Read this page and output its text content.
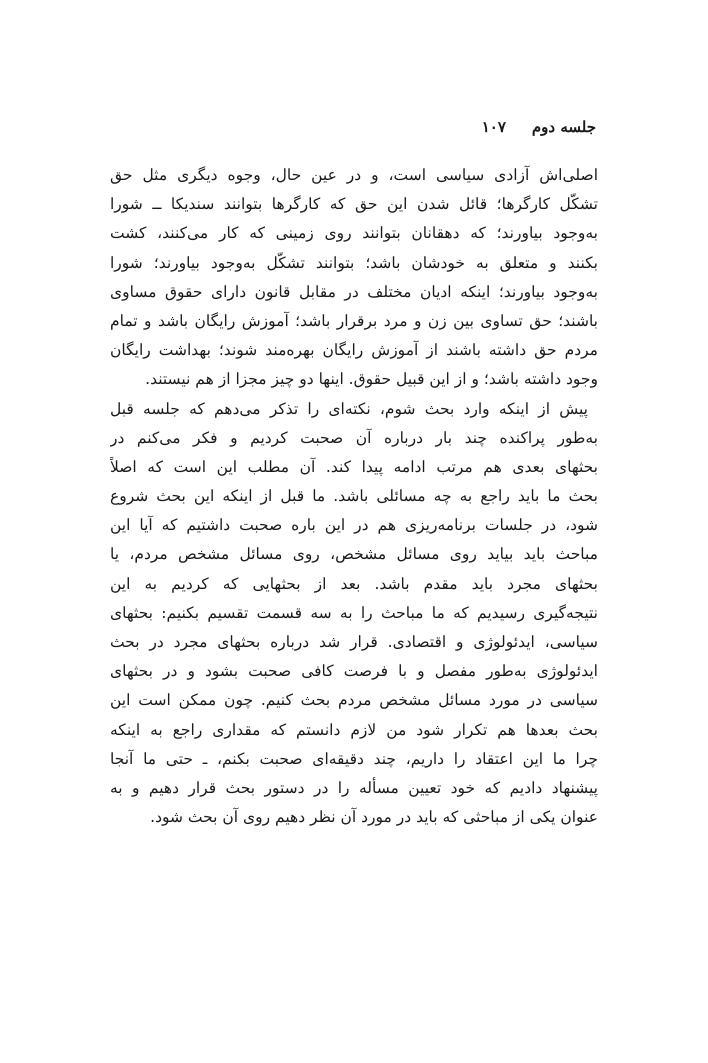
جلسه دوم
۱۰۷
اصلی‌اش آزادی سیاسی است، و در عین حال، وجوه دیگری مثل حق
تشکّل کارگرها؛ قائل شدن این حق که کارگرها بتوانند سندیکا ــ شورا
به‌وجود بیاورند؛ که دهقانان بتوانند روی زمینی که کار می‌کنند، کشت
بکنند و متعلق به خودشان باشد؛ بتوانند تشکّل به‌وجود بیاورند؛ شورا
به‌وجود بیاورند؛ اینکه ادیان مختلف در مقابل قانون دارای حقوق مساوی
باشند؛ حق تساوی بین زن و مرد برقرار باشد؛ آموزش رایگان باشد و تمام
مردم حق داشته باشند از آموزش رایگان بهره‌مند شوند؛ بهداشت رایگان
وجود داشته باشد؛ و از این قبیل حقوق. اینها دو چیز مجزا از هم نیستند.
پیش از اینکه وارد بحث شوم، نکته‌ای را تذکر می‌دهم که جلسه قبل
به‌طور پراکنده چند بار درباره آن صحبت کردیم و فکر می‌کنم در
بحثهای بعدی هم مرتب ادامه پیدا کند. آن مطلب این است که اصلاً
بحث ما باید راجع به چه مسائلی باشد. ما قبل از اینکه این بحث شروع
شود، در جلسات برنامه‌ریزی هم در این باره صحبت داشتیم که آیا این
مباحث باید بیاید روی مسائل مشخص، روی مسائل مشخص مردم، یا
بحثهای مجرد باید مقدم باشد. بعد از بحثهایی که کردیم به این
نتیجه‌گیری رسیدیم که ما مباحث را به سه قسمت تقسیم بکنیم: بحثهای
سیاسی، ایدئولوژی و اقتصادی. قرار شد درباره بحثهای مجرد در بحث
ایدئولوژی به‌طور مفصل و با فرصت کافی صحبت بشود و در بحثهای
سیاسی در مورد مسائل مشخص مردم بحث کنیم. چون ممکن است این
بحث بعدها هم تکرار شود من لازم دانستم که مقداری راجع به اینکه
چرا ما این اعتقاد را داریم، چند دقیقه‌ای صحبت بکنم، ـ حتی ما آنجا
پیشنهاد دادیم که خود تعیین مسأله را در دستور بحث قرار دهیم و به
عنوان یکی از مباحثی که باید در مورد آن نظر دهیم روی آن بحث شود.
